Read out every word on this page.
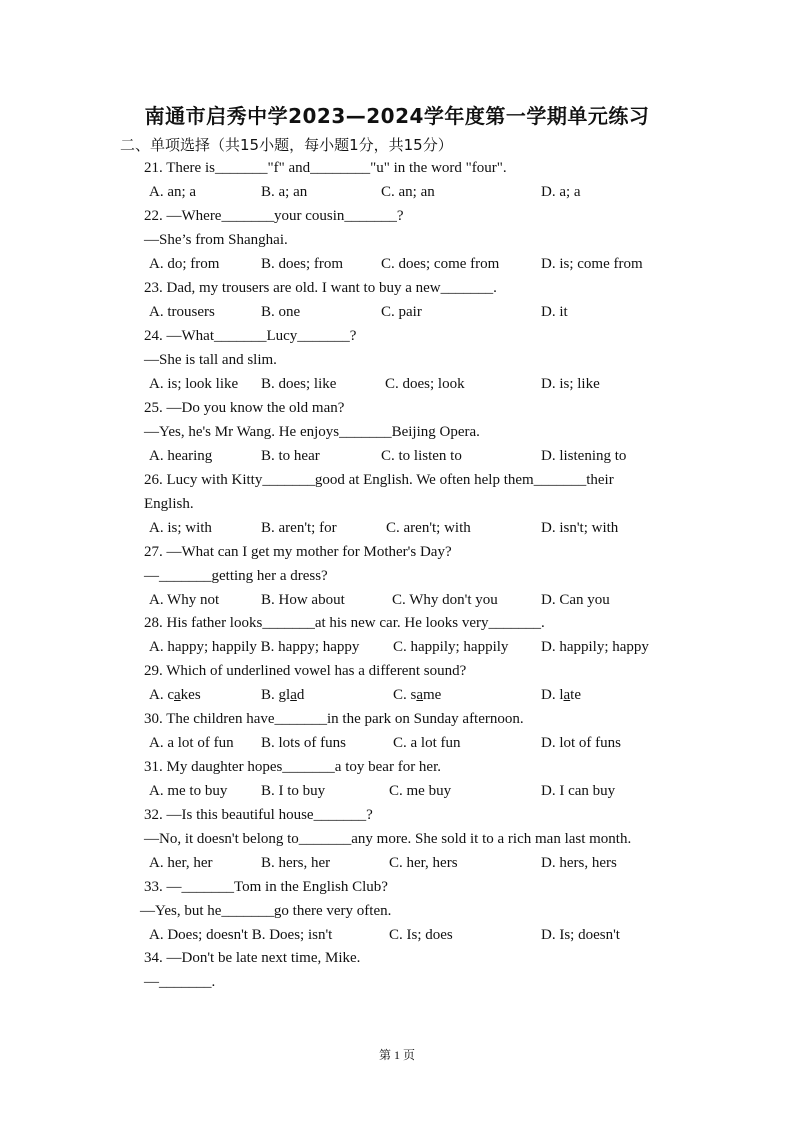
南通市启秀中学2023—2024学年度第一学期单元练习
二、单项选择（共15小题，每小题1分，共15分）
21. There is_______"f" and________"u" in the word "four".
A. an; a	B. a; an	C. an; an	D. a; a
22. —Where_______your cousin_______?
—She’s from Shanghai.
A. do; from	B. does; from	C. does; come from	D. is; come from
23. Dad, my trousers are old. I want to buy a new_______.
A. trousers	B. one	C. pair	D. it
24. —What_______Lucy_______?
—She is tall and slim.
A. is; look like B. does; like	C. does; look	D. is; like
25. —Do you know the old man?
—Yes, he's Mr Wang. He enjoys_______Beijing Opera.
A. hearing	B. to hear	C. to listen to	D. listening to
26. Lucy with Kitty_______good at English. We often help them_______their
English.
A. is; with	B. aren't; for	C. aren't; with	D. isn't; with
27. —What can I get my mother for Mother's Day?
—_______getting her a dress?
A. Why not	B. How about	C. Why don't you	D. Can you
28. His father looks_______at his new car. He looks very_______.
A. happy; happily B. happy; happy C. happily; happily D. happily; happy
29. Which of underlined vowel has a different sound?
A. cakes	B. glad	C. same	D. late
30. The children have_______in the park on Sunday afternoon.
A. a lot of fun B. lots of funs	C. a lot fun	D. lot of funs
31. My daughter hopes_______a toy bear for her.
A. me to buy B. I to buy	C. me buy	D. I can buy
32. —Is this beautiful house_______?
—No, it doesn't belong to_______any more. She sold it to a rich man last month.
A. her, her	B. hers, her	C. her, hers	D. hers, hers
33. —_______Tom in the English Club?
—Yes, but he_______go there very often.
A. Does; doesn't B. Does; isn't	C. Is; does	D. Is; doesn't
34. —Don't be late next time, Mike.
—_______.
第 1 页
